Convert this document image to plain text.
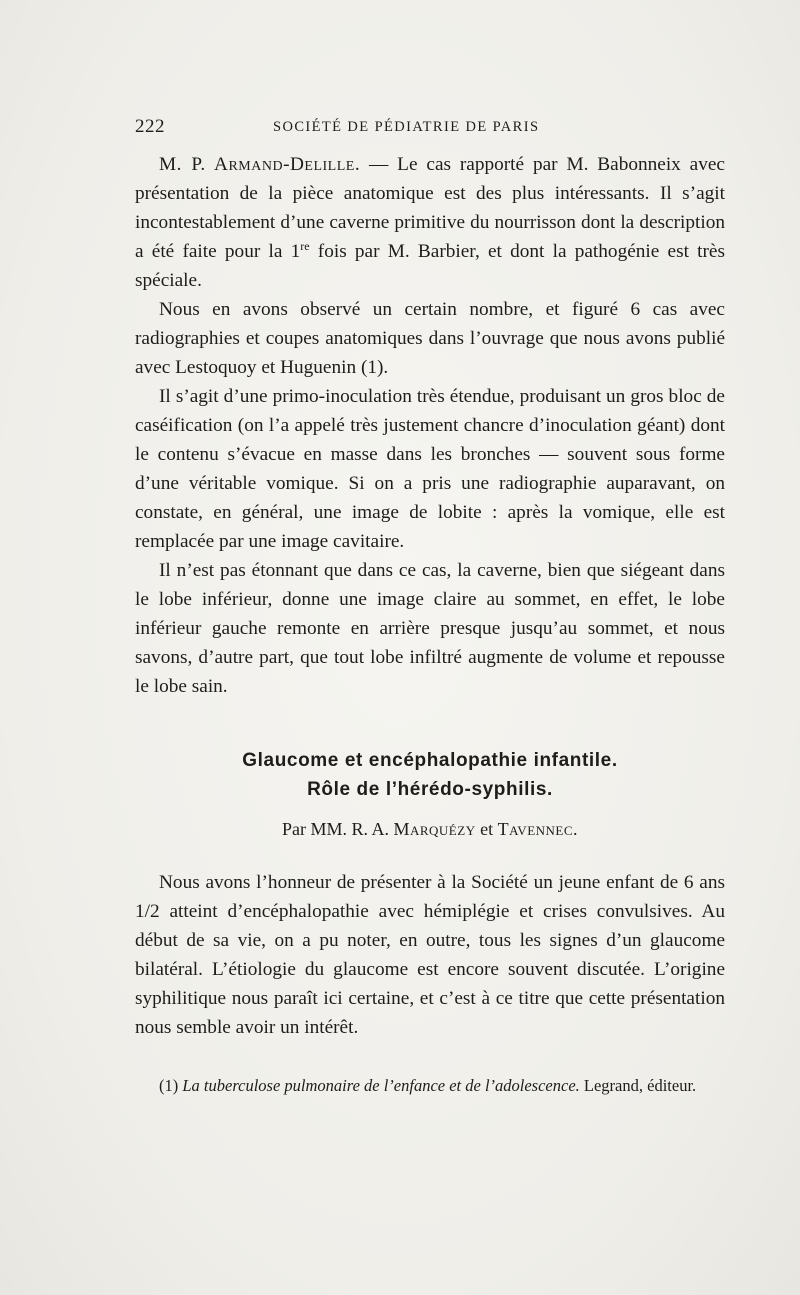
222	SOCIÉTÉ DE PÉDIATRIE DE PARIS

M. P. Armand-Delille. — Le cas rapporté par M. Babonneix avec présentation de la pièce anatomique est des plus intéressants. Il s’agit incontestablement d’une caverne primitive du nourrisson dont la description a été faite pour la 1re fois par M. Barbier, et dont la pathogénie est très spéciale.

Nous en avons observé un certain nombre, et figuré 6 cas avec radiographies et coupes anatomiques dans l’ouvrage que nous avons publié avec Lestoquoy et Huguenin (1).

Il s’agit d’une primo-inoculation très étendue, produisant un gros bloc de caséification (on l’a appelé très justement chancre d’inoculation géant) dont le contenu s’évacue en masse dans les bronches — souvent sous forme d’une véritable vomique. Si on a pris une radiographie auparavant, on constate, en général, une image de lobite : après la vomique, elle est remplacée par une image cavitaire.

Il n’est pas étonnant que dans ce cas, la caverne, bien que siégeant dans le lobe inférieur, donne une image claire au sommet, en effet, le lobe inférieur gauche remonte en arrière presque jusqu’au sommet, et nous savons, d’autre part, que tout lobe infiltré augmente de volume et repousse le lobe sain.

Glaucome et encéphalopathie infantile.
Rôle de l’hérédo-syphilis.
Par MM. R. A. Marquézy et Tavennec.

Nous avons l’honneur de présenter à la Société un jeune enfant de 6 ans 1/2 atteint d’encéphalopathie avec hémiplégie et crises convulsives. Au début de sa vie, on a pu noter, en outre, tous les signes d’un glaucome bilatéral. L’étiologie du glaucome est encore souvent discutée. L’origine syphilitique nous paraît ici certaine, et c’est à ce titre que cette présentation nous semble avoir un intérêt.

(1) La tuberculose pulmonaire de l’enfance et de l’adolescence. Legrand, éditeur.
